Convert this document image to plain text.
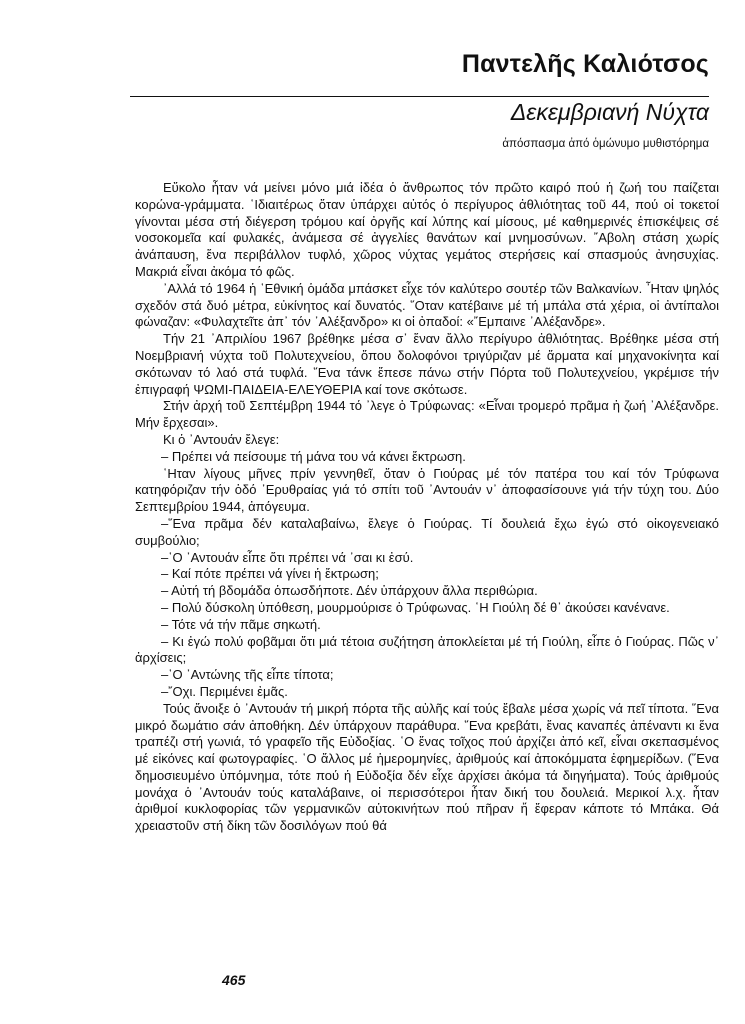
Παντελῆς Καλιότσος
Δεκεμβριανή Νύχτα
ἀπόσπασμα ἀπό ὁμώνυμο μυθιστόρημα

Εὔκολο ἦταν νά μείνει μόνο μιά ἰδέα ὁ ἄνθρωπος τόν πρῶτο καιρό πού ἡ ζωή του παίζεται κορώνα-γράμματα. ῾Ιδιαιτέρως ὅταν ὑπάρχει αὐτός ὁ περίγυρος ἀθλιότητας τοῦ 44, πού οἱ τοκετοί γίνονται μέσα στή διέγερση τρόμου καί ὀργῆς καί λύπης καί μίσους, μέ καθημερινές ἐπισκέψεις σέ νοσοκομεῖα καί φυλακές, ἀνάμεσα σέ ἀγγελίες θανάτων καί μνημοσύνων. ῎Αβολη στάση χωρίς ἀνάπαυση, ἕνα περιβάλλον τυφλό, χῶρος νύχτας γεμάτος στερήσεις καί σπασμούς ἀνησυχίας. Μακριά εἶναι ἀκόμα τό φῶς.

᾿Αλλά τό 1964 ἡ ῾Εθνική ὁμάδα μπάσκετ εἶχε τόν καλύτερο σουτέρ τῶν Βαλκανίων. ῏Ηταν ψηλός σχεδόν στά δυό μέτρα, εὐκίνητος καί δυνατός. ῞Οταν κατέβαινε μέ τή μπάλα στά χέρια, οἱ ἀντίπαλοι φώναζαν: «Φυλαχτεῖτε ἀπ᾿ τόν ᾿Αλέξανδρο» κι οἱ ὀπαδοί: «῎Εμπαινε ᾿Αλέξανδρε».

Τήν 21 ᾿Απριλίου 1967 βρέθηκε μέσα σ᾿ ἕναν ἄλλο περίγυρο ἀθλιότητας. Βρέθηκε μέσα στή Νοεμβριανή νύχτα τοῦ Πολυτεχνείου, ὅπου δολοφόνοι τριγύριζαν μέ ἅρματα καί μηχανοκίνητα καί σκότωναν τό λαό στά τυφλά. ῞Ενα τάνκ ἔπεσε πάνω στήν Πόρτα τοῦ Πολυτεχνείου, γκρέμισε τήν ἐπιγραφή ΨΩΜΙ-ΠΑΙΔΕΙΑ-ΕΛΕΥΘΕΡΙΑ καί τονε σκότωσε.

Στήν ἀρχή τοῦ Σεπτέμβρη 1944 τό ᾿λεγε ὁ Τρύφωνας: «Εἶναι τρομερό πρᾶμα ἡ ζωή ᾿Αλέξανδρε. Μήν ἔρχεσαι».

Κι ὁ ᾿Αντουάν ἔλεγε:

– Πρέπει νά πείσουμε τή μάνα του νά κάνει ἔκτρωση.

῾Ηταν λίγους μῆνες πρίν γεννηθεῖ, ὅταν ὁ Γιούρας μέ τόν πατέρα του καί τόν Τρύφωνα κατηφόριζαν τήν ὁδό ᾿Ερυθραίας γιά τό σπίτι τοῦ ᾿Αντουάν ν᾿ ἀποφασίσουνε γιά τήν τύχη του. Δύο Σεπτεμβρίου 1944, ἀπόγευμα.

–῞Ενα πρᾶμα δέν καταλαβαίνω, ἔλεγε ὁ Γιούρας. Τί δουλειά ἔχω ἐγώ στό οἰκογενειακό συμβούλιο;

–῾Ο ᾿Αντουάν εἶπε ὅτι πρέπει νά ᾿σαι κι ἐσύ.

– Καί πότε πρέπει νά γίνει ἡ ἔκτρωση;

– Αὐτή τή βδομάδα ὁπωσδήποτε. Δέν ὑπάρχουν ἄλλα περιθώρια.

– Πολύ δύσκολη ὑπόθεση, μουρμούρισε ὁ Τρύφωνας. ῾Η Γιούλη δέ θ᾿ ἀκούσει κανένανε.

– Τότε νά τήν πᾶμε σηκωτή.

– Κι ἐγώ πολύ φοβᾶμαι ὅτι μιά τέτοια συζήτηση ἀποκλείεται μέ τή Γιούλη, εἶπε ὁ Γιούρας. Πῶς ν᾿ ἀρχίσεις;

–῾Ο ᾿Αντώνης τῆς εἶπε τίποτα;

–῎Οχι. Περιμένει ἐμᾶς.

Τούς ἄνοιξε ὁ ᾿Αντουάν τή μικρή πόρτα τῆς αὐλῆς καί τούς ἔβαλε μέσα χωρίς νά πεῖ τίποτα. ῞Ενα μικρό δωμάτιο σάν ἀποθήκη. Δέν ὑπάρχουν παράθυρα. ῞Ενα κρεβάτι, ἕνας καναπές ἀπέναντι κι ἕνα τραπέζι στή γωνιά, τό γραφεῖο τῆς Εὐδοξίας. ῾Ο ἕνας τοῖχος πού ἀρχίζει ἀπό κεῖ, εἶναι σκεπασμένος μέ εἰκόνες καί φωτογραφίες. ῾Ο ἄλλος μέ ἡμερομηνίες, ἀριθμούς καί ἀποκόμματα ἐφημερίδων. (῞Ενα δημοσιευμένο ὑπόμνημα, τότε πού ἡ Εὐδοξία δέν εἶχε ἀρχίσει ἀκόμα τά διηγήματα). Τούς ἀριθμούς μονάχα ὁ ᾿Αντουάν τούς καταλάβαινε, οἱ περισσότεροι ἦταν δική του δουλειά. Μερικοί λ.χ. ἦταν ἀριθμοί κυκλοφορίας τῶν γερμανικῶν αὐτοκινήτων πού πῆραν ἤ ἔφεραν κάποτε τό Μπάκα. Θά χρειαστοῦν στή δίκη τῶν δοσιλόγων πού θά

465
